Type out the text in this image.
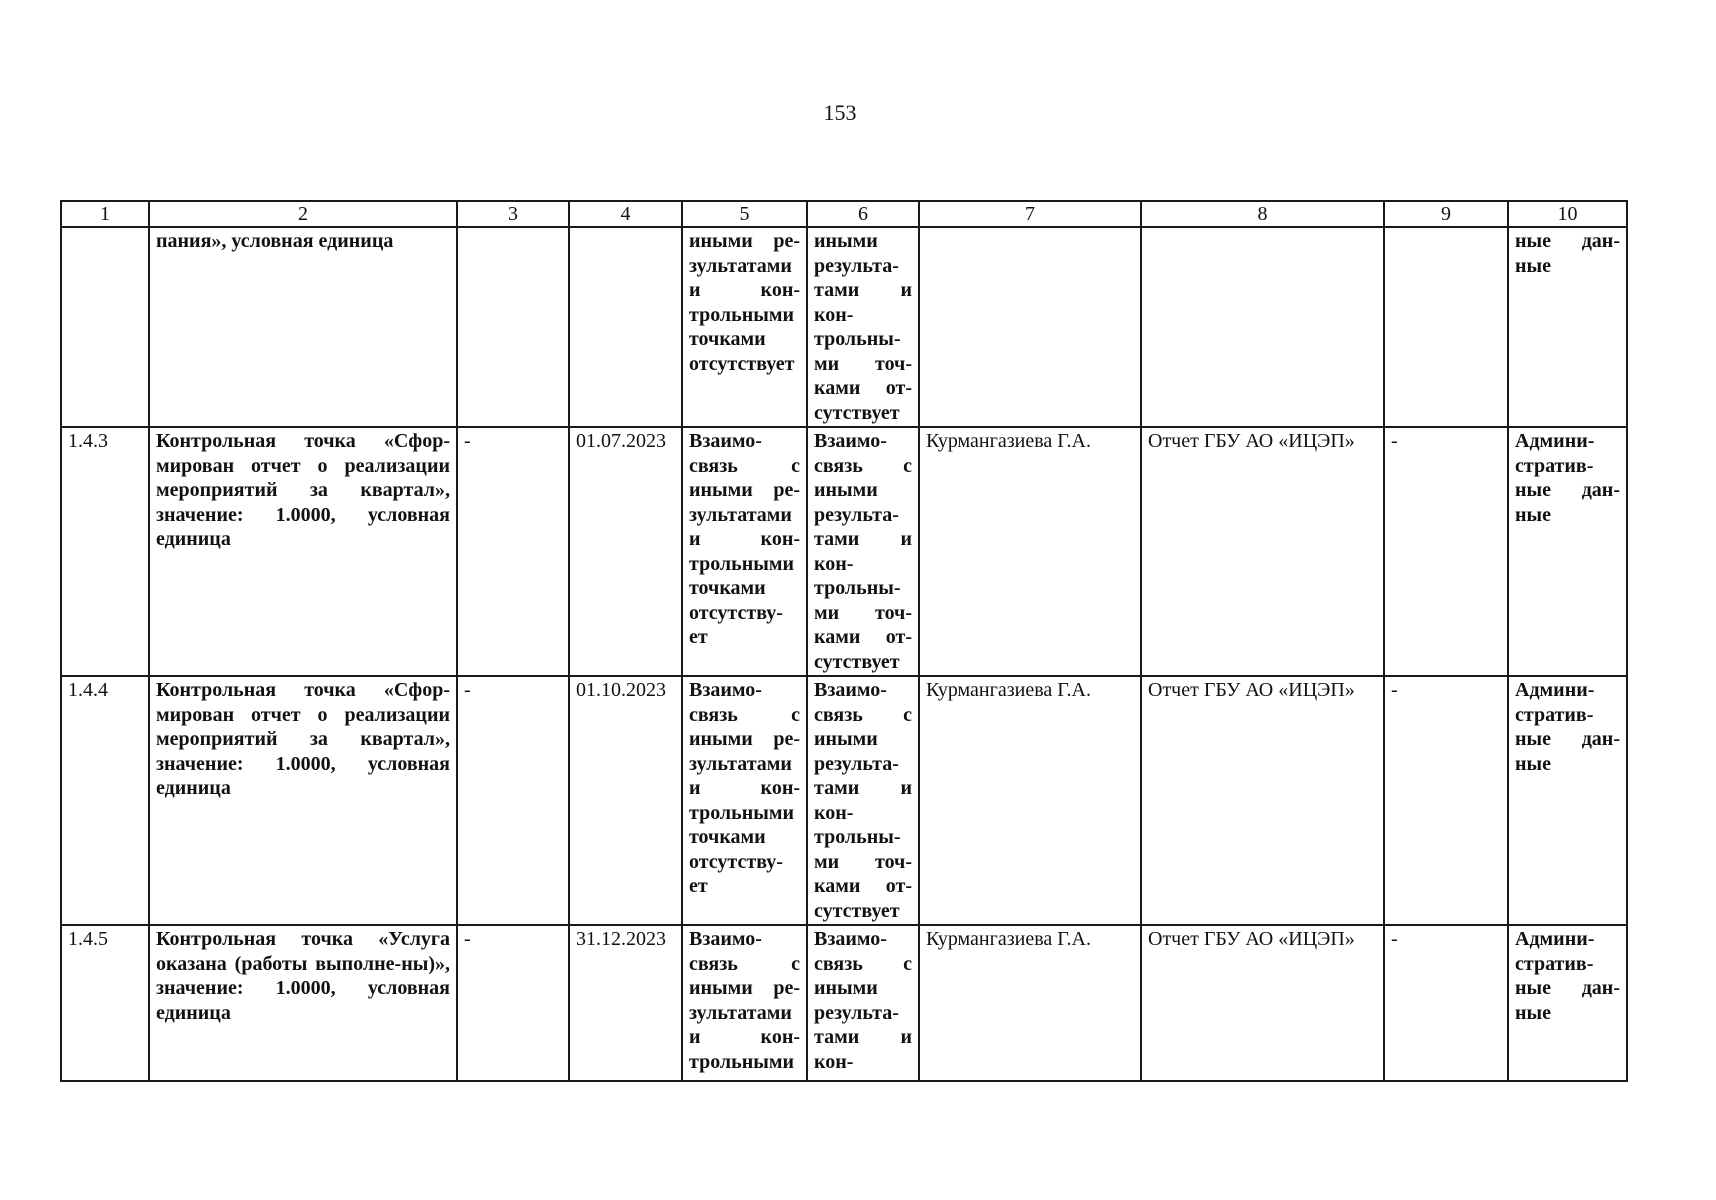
153
1	2	3	4	5	6	7	8	9	10
	пания», условная единица			иными ре-зультатами и кон-трольными точками отсутствует	иными результа-тами и кон-трольны-ми точ-ками от-сутствует				ные дан-ные
1.4.3	Контрольная точка «Сфор-мирован отчет о реализации мероприятий за квартал», значение: 1.0000, условная единица	-	01.07.2023	Взаимо-связь с иными ре-зультатами и кон-трольными точками отсутству-ет	Взаимо-связь с иными результа-тами и кон-трольны-ми точ-ками от-сутствует	Курмангазиева Г.А.	Отчет ГБУ АО «ИЦЭП»	-	Админи-стратив-ные дан-ные
1.4.4	Контрольная точка «Сфор-мирован отчет о реализации мероприятий за квартал», значение: 1.0000, условная единица	-	01.10.2023	Взаимо-связь с иными ре-зультатами и кон-трольными точками отсутству-ет	Взаимо-связь с иными результа-тами и кон-трольны-ми точ-ками от-сутствует	Курмангазиева Г.А.	Отчет ГБУ АО «ИЦЭП»	-	Админи-стратив-ные дан-ные
1.4.5	Контрольная точка «Услуга оказана (работы выполне-ны)», значение: 1.0000, условная единица	-	31.12.2023	Взаимо-связь с иными ре-зультатами и кон-трольными	Взаимо-связь с иными результа-тами и кон-	Курмангазиева Г.А.	Отчет ГБУ АО «ИЦЭП»	-	Админи-стратив-ные дан-ные
